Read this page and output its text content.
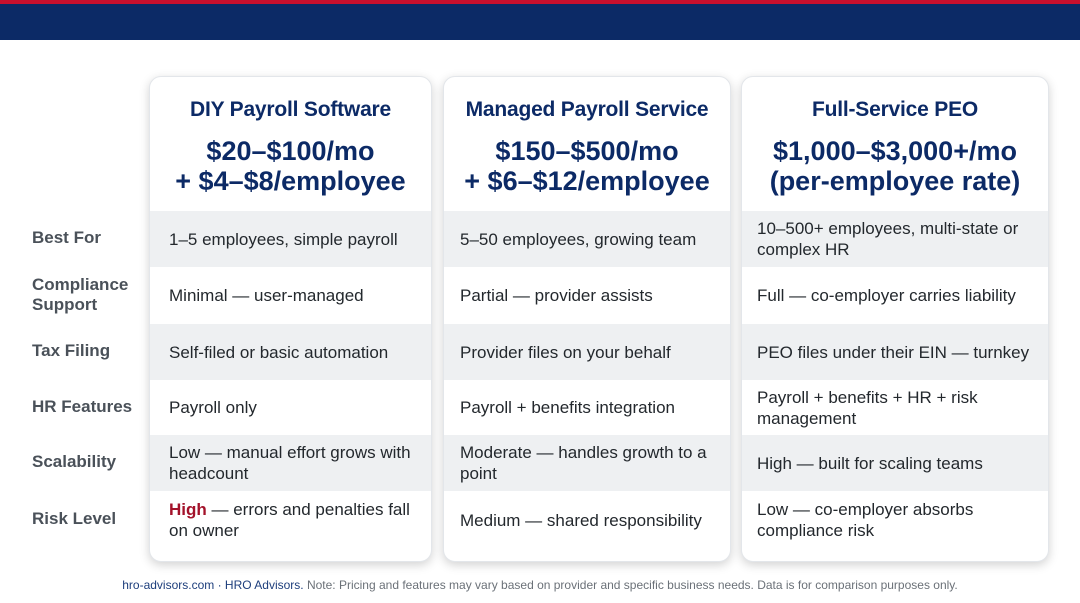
Best For
Compliance Support
Tax Filing
HR Features
Scalability
Risk Level
DIY Payroll Software
$20–$100/mo
+ $4–$8/employee
1–5 employees, simple payroll
Minimal — user-managed
Self-filed or basic automation
Payroll only
Low — manual effort grows with headcount
High — errors and penalties fall on owner
Managed Payroll Service
$150–$500/mo
+ $6–$12/employee
5–50 employees, growing team
Partial — provider assists
Provider files on your behalf
Payroll + benefits integration
Moderate — handles growth to a point
Medium — shared responsibility
Full-Service PEO
$1,000–$3,000+/mo
(per-employee rate)
10–500+ employees, multi-state or complex HR
Full — co-employer carries liability
PEO files under their EIN — turnkey
Payroll + benefits + HR + risk management
High — built for scaling teams
Low — co-employer absorbs compliance risk
hro-advisors.com · HRO Advisors. Note: Pricing and features may vary based on provider and specific business needs. Data is for comparison purposes only.
